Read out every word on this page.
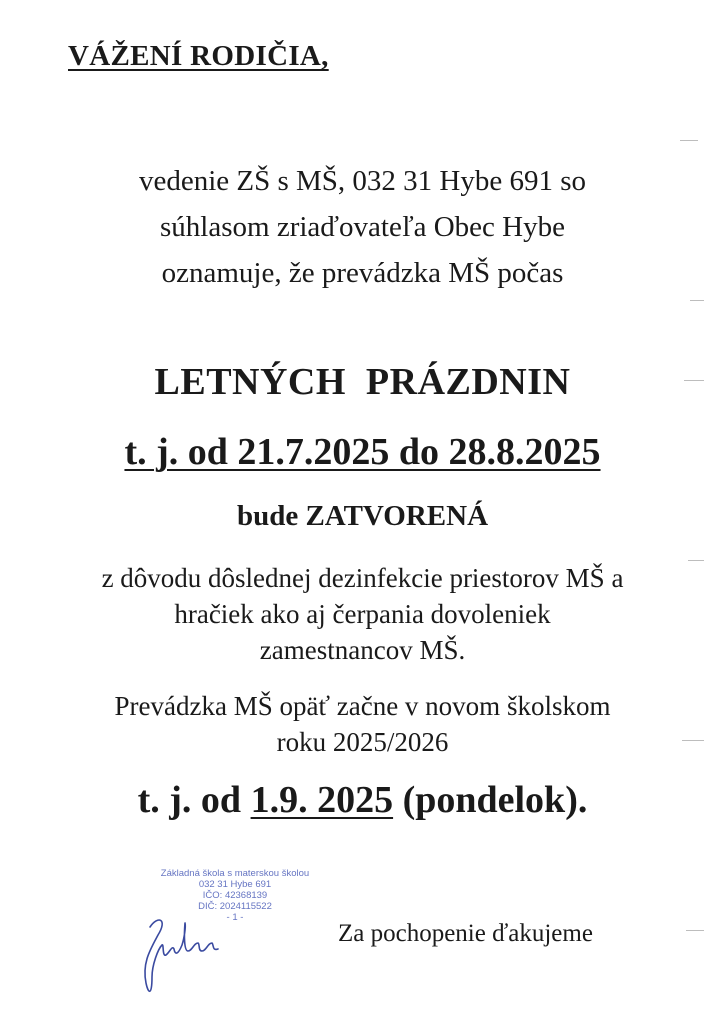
VÁŽENÍ RODIČIA,
vedenie ZŠ s MŠ, 032 31 Hybe 691 so
súhlasom zriaďovateľa Obec Hybe
oznamuje, že prevádzka MŠ počas
LETNÝCH  PRÁZDNIN
t. j. od 21.7.2025 do 28.8.2025
bude ZATVORENÁ
z dôvodu dôslednej dezinfekcie priestorov MŠ a
hračiek ako aj čerpania dovoleniek
zamestnancov MŠ.
Prevádzka MŠ opäť začne v novom školskom
roku 2025/2026
t. j. od 1.9. 2025 (pondelok).
Základná škola s materskou školou
032 31 Hybe 691
IČO: 42368139
DIČ: 2024115522
- 1 -
Za pochopenie ďakujeme
